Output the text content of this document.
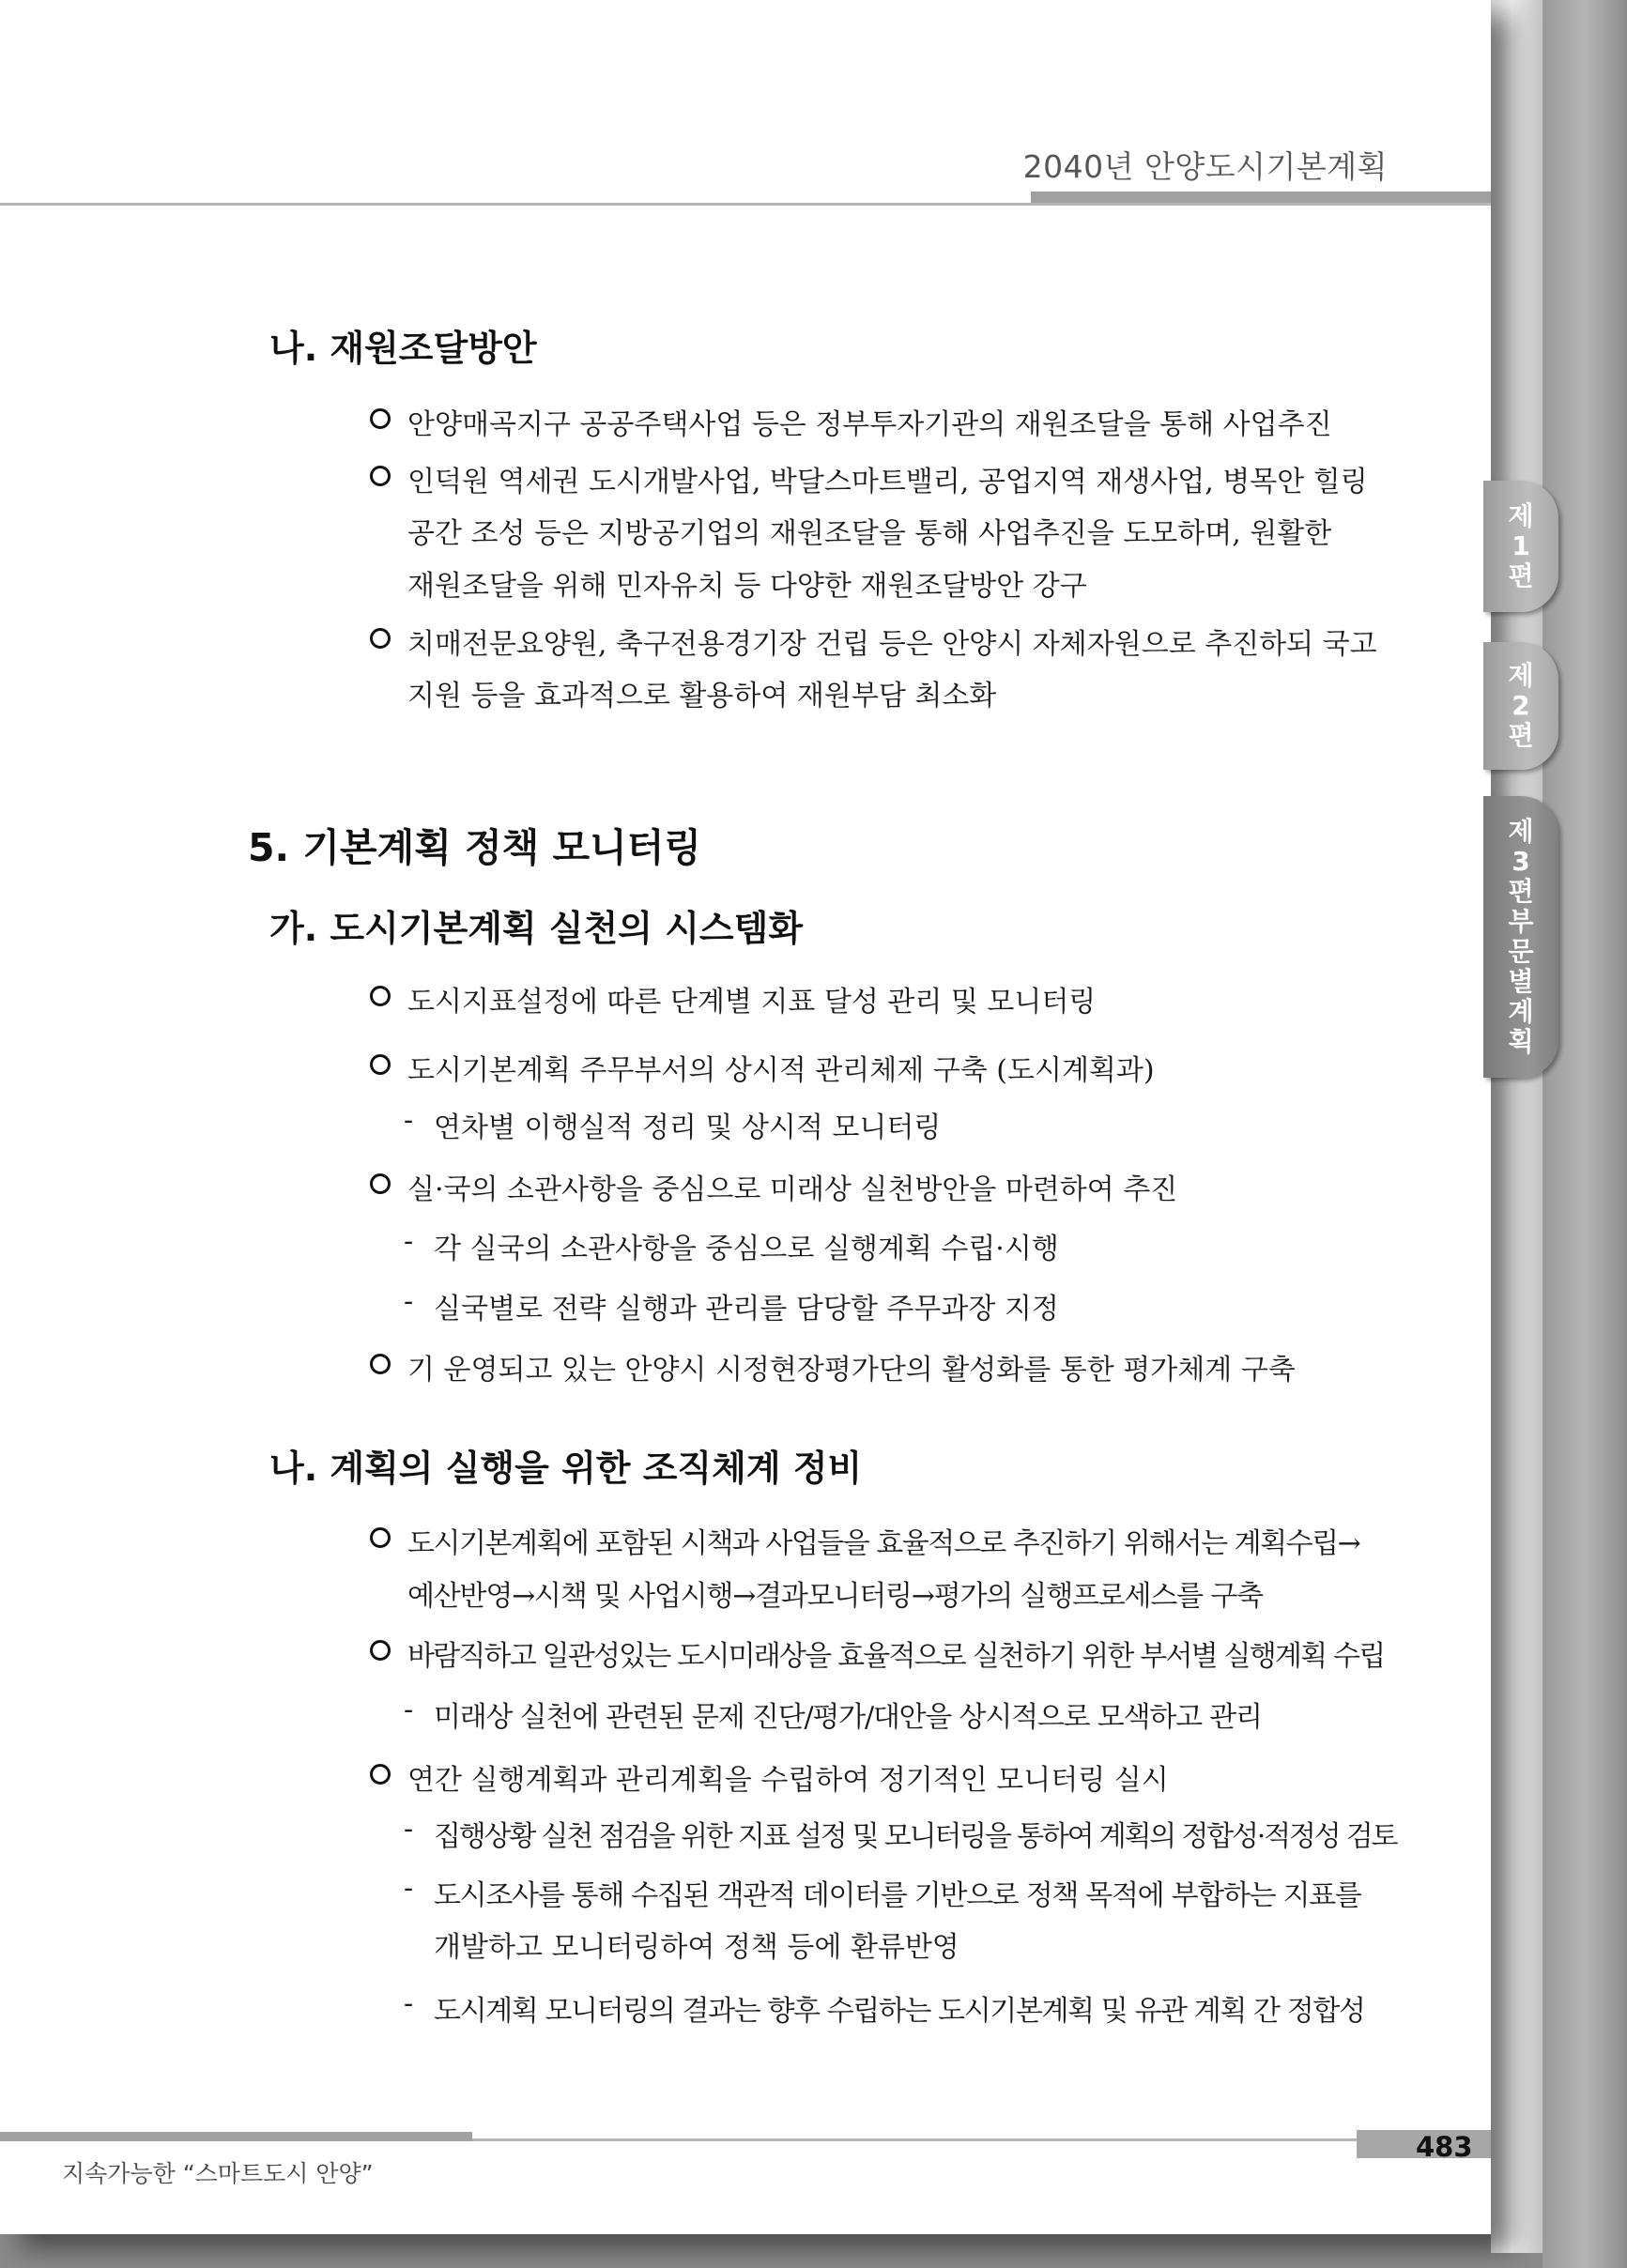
2040년 안양도시기본계획
나. 재원조달방안
안양매곡지구 공공주택사업 등은 정부투자기관의 재원조달을 통해 사업추진
인덕원 역세권 도시개발사업, 박달스마트밸리, 공업지역 재생사업, 병목안 힐링
공간 조성 등은 지방공기업의 재원조달을 통해 사업추진을 도모하며, 원활한
재원조달을 위해 민자유치 등 다양한 재원조달방안 강구
치매전문요양원, 축구전용경기장 건립 등은 안양시 자체자원으로 추진하되 국고
지원 등을 효과적으로 활용하여 재원부담 최소화
5. 기본계획 정책 모니터링
가. 도시기본계획 실천의 시스템화
도시지표설정에 따른 단계별 지표 달성 관리 및 모니터링
도시기본계획 주무부서의 상시적 관리체제 구축 (도시계획과)
- 연차별 이행실적 정리 및 상시적 모니터링
실·국의 소관사항을 중심으로 미래상 실천방안을 마련하여 추진
- 각 실국의 소관사항을 중심으로 실행계획 수립·시행
- 실국별로 전략 실행과 관리를 담당할 주무과장 지정
기 운영되고 있는 안양시 시정현장평가단의 활성화를 통한 평가체계 구축
나. 계획의 실행을 위한 조직체계 정비
도시기본계획에 포함된 시책과 사업들을 효율적으로 추진하기 위해서는 계획수립→
예산반영→시책 및 사업시행→결과모니터링→평가의 실행프로세스를 구축
바람직하고 일관성있는 도시미래상을 효율적으로 실천하기 위한 부서별 실행계획 수립
- 미래상 실천에 관련된 문제 진단/평가/대안을 상시적으로 모색하고 관리
연간 실행계획과 관리계획을 수립하여 정기적인 모니터링 실시
- 집행상황 실천 점검을 위한 지표 설정 및 모니터링을 통하여 계획의 정합성·적정성 검토
- 도시조사를 통해 수집된 객관적 데이터를 기반으로 정책 목적에 부합하는 지표를
개발하고 모니터링하여 정책 등에 환류반영
- 도시계획 모니터링의 결과는 향후 수립하는 도시기본계획 및 유관 계획 간 정합성
483
지속가능한 “스마트도시 안양”
제
1
편
제
2
편
제
3
편
부
문
별
계
획
